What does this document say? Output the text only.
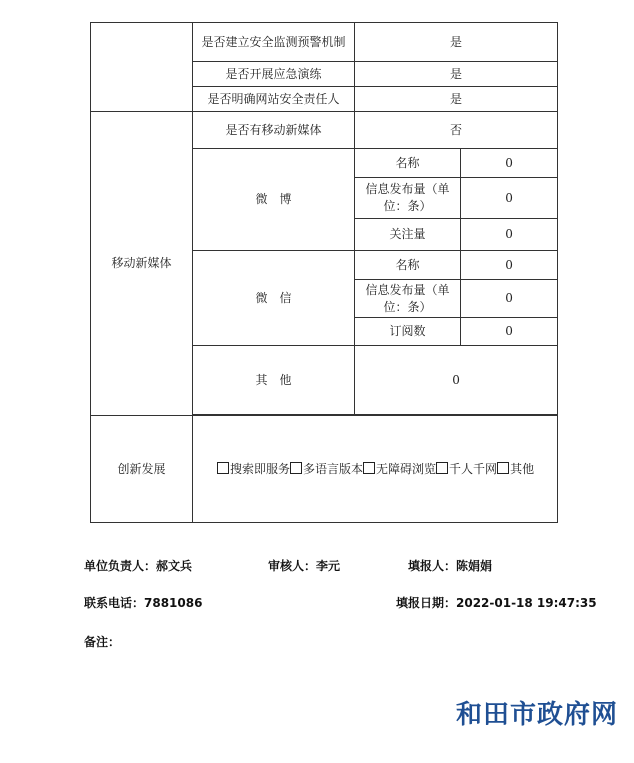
	是否建立安全监测预警机制	是	
	是否开展应急演练	是	
	是否明确网站安全责任人	是	
移动新媒体	是否有移动新媒体	否	
	微　博	名称	0
		信息发布量（单位：条）	0
		关注量	0
	微　信	名称	0
		信息发布量（单位：条）	0
		订阅数	0
	其　他	0	

创新发展	搜索即服务 多语言版本 无障碍浏览 千人千网 其他		
单位负责人：郝文兵	审核人：李元	填报人：陈娟娟
联系电话：7881086	填报日期：2022-01-18 19:47:35
备注：
和田市政府网
